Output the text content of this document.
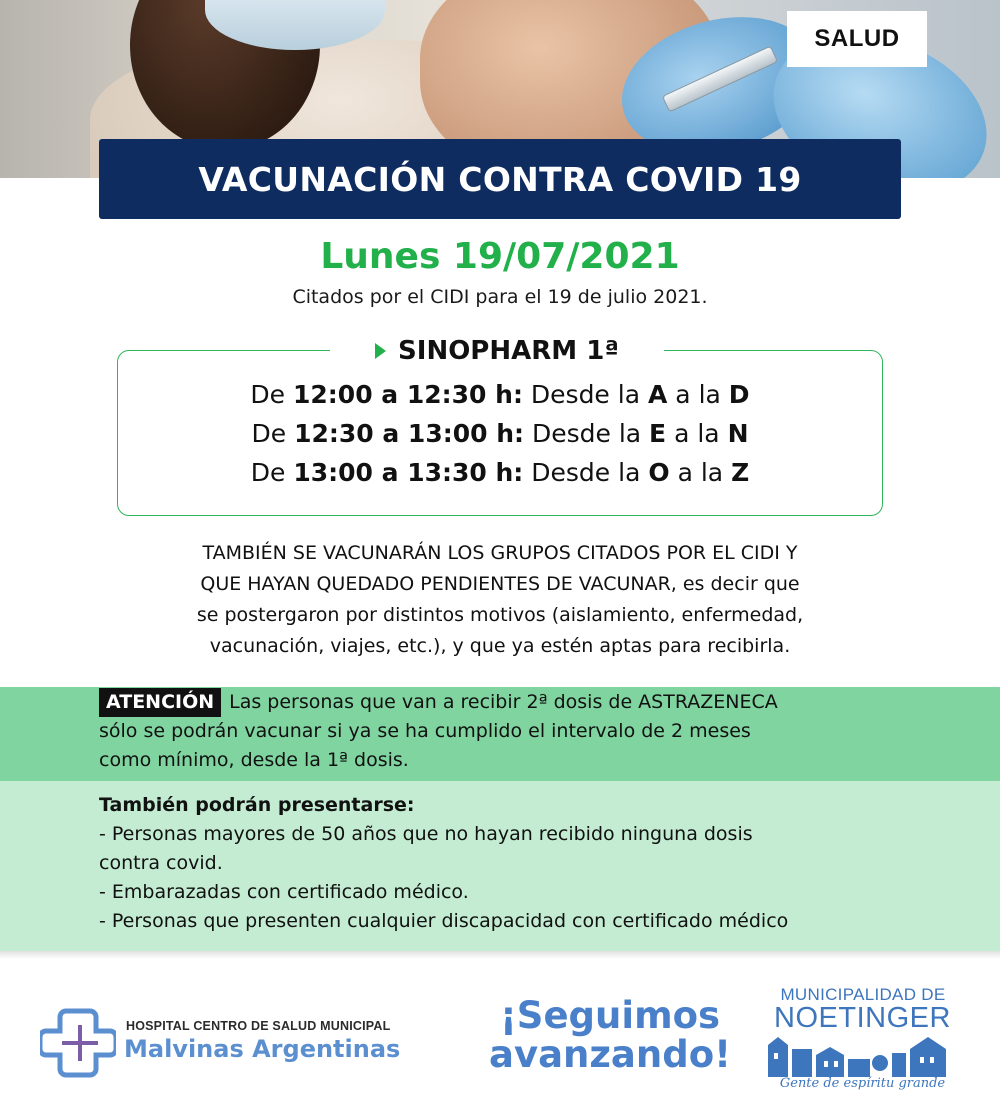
SALUD
VACUNACIÓN CONTRA COVID 19
Lunes 19/07/2021
Citados por el CIDI para el 19 de julio 2021.
SINOPHARM 1ª
De 12:00 a 12:30 h: Desde la A a la D
De 12:30 a 13:00 h: Desde la E a la N
De 13:00 a 13:30 h: Desde la O a la Z
TAMBIÉN SE VACUNARÁN LOS GRUPOS CITADOS POR EL CIDI Y
QUE HAYAN QUEDADO PENDIENTES DE VACUNAR, es decir que
se postergaron por distintos motivos (aislamiento, enfermedad,
vacunación, viajes, etc.), y que ya estén aptas para recibirla.
ATENCIÓN Las personas que van a recibir 2ª dosis de ASTRAZENECA
sólo se podrán vacunar si ya se ha cumplido el intervalo de 2 meses
como mínimo, desde la 1ª dosis.
También podrán presentarse:
- Personas mayores de 50 años que no hayan recibido ninguna dosis
contra covid.
- Embarazadas con certificado médico.
- Personas que presenten cualquier discapacidad con certificado médico
HOSPITAL CENTRO DE SALUD MUNICIPAL
Malvinas Argentinas
¡Seguimos
avanzando!
MUNICIPALIDAD DE
NOETINGER
Gente de espíritu grande
